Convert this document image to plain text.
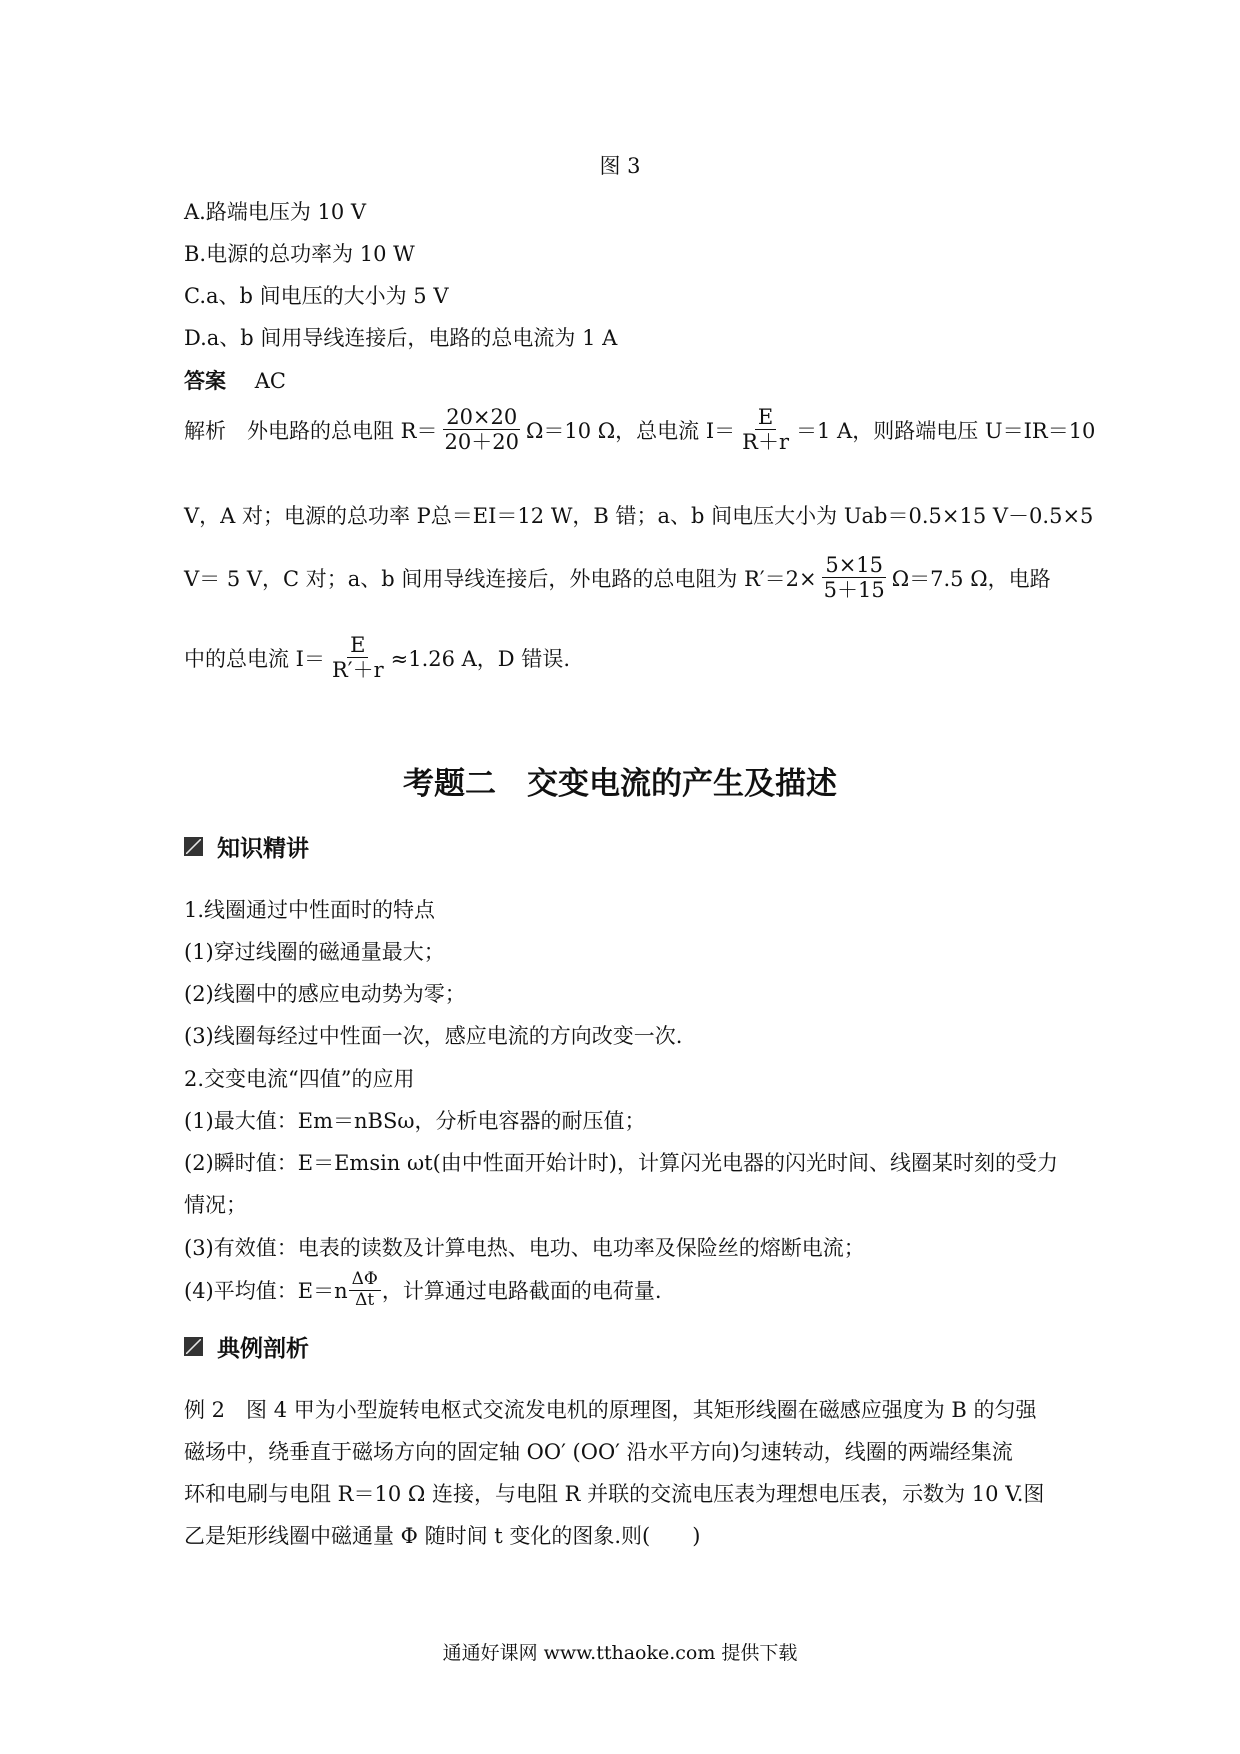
图 3
A.路端电压为 10 V
B.电源的总功率为 10 W
C.a、b 间电压的大小为 5 V
D.a、b 间用导线连接后，电路的总电流为 1 A
答案 AC
解析　外电路的总电阻 $R= \frac{20\times 20}{20+20} \Omega=10$ Ω，总电流 $I= \frac{E}{R+r} =1$ A，则路端电压 U＝IR＝10
V，A 对；电源的总功率 P总＝EI＝12 W，B 错；a、b 间电压大小为 Uab＝0.5×15 V－0.5×5
V＝ 5 V，C 对；a、b 间用导线连接后，外电路的总电阻为 $R'=2\times \frac{5\times 15}{5+15} \Omega=7.5$ Ω，电路
中的总电流 $I= \frac{E}{R'+r} \approx 1.26$ A，D 错误.
考题二　交变电流的产生及描述
知识精讲
1.线圈通过中性面时的特点
(1)穿过线圈的磁通量最大；
(2)线圈中的感应电动势为零；
(3)线圈每经过中性面一次，感应电流的方向改变一次.
2.交变电流“四值”的应用
(1)最大值：Em＝nBSω，分析电容器的耐压值；
(2)瞬时值：E＝Emsin ωt(由中性面开始计时)，计算闪光电器的闪光时间、线圈某时刻的受力
情况；
(3)有效值：电表的读数及计算电热、电功、电功率及保险丝的熔断电流；
(4)平均值：$E=n \frac{\Delta\Phi}{\Delta t}$ ，计算通过电路截面的电荷量.
典例剖析
例 2　图 4 甲为小型旋转电枢式交流发电机的原理图，其矩形线圈在磁感应强度为 B 的匀强
磁场中，绕垂直于磁场方向的固定轴 OO′ (OO′ 沿水平方向)匀速转动，线圈的两端经集流
环和电刷与电阻 R＝10 Ω 连接，与电阻 R 并联的交流电压表为理想电压表，示数为 10 V.图
乙是矩形线圈中磁通量 Φ 随时间 t 变化的图象.则(　　)
通通好课网 www.tthaoke.com 提供下载
